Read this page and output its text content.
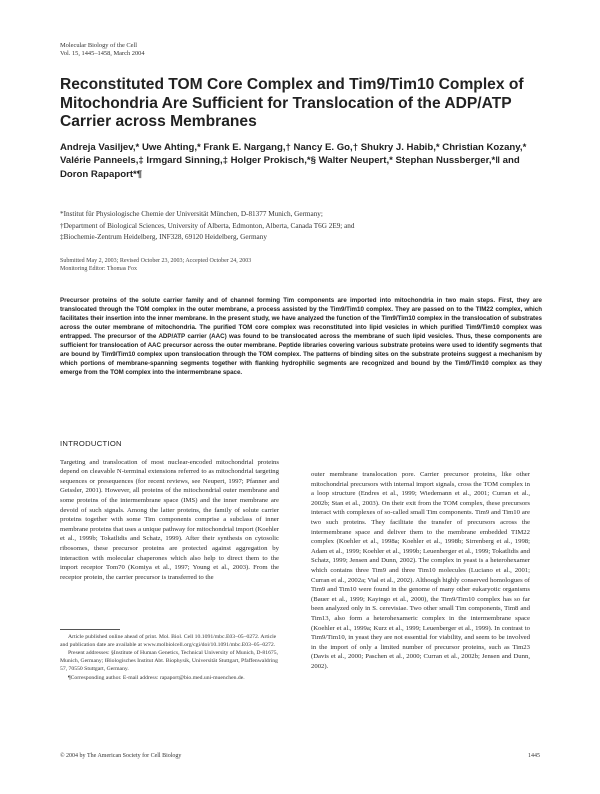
Molecular Biology of the Cell
Vol. 15, 1445–1458, March 2004
Reconstituted TOM Core Complex and Tim9/Tim10 Complex of Mitochondria Are Sufficient for Translocation of the ADP/ATP Carrier across Membranes
Andreja Vasiljev,* Uwe Ahting,* Frank E. Nargang,† Nancy E. Go,† Shukry J. Habib,* Christian Kozany,* Valérie Panneels,‡ Irmgard Sinning,‡ Holger Prokisch,*§ Walter Neupert,* Stephan Nussberger,*‖ and Doron Rapaport*¶
*Institut für Physiologische Chemie der Universität München, D-81377 Munich, Germany;
†Department of Biological Sciences, University of Alberta, Edmonton, Alberta, Canada T6G 2E9; and
‡Biochemie-Zentrum Heidelberg, INF328, 69120 Heidelberg, Germany
Submitted May 2, 2003; Revised October 23, 2003; Accepted October 24, 2003
Monitoring Editor: Thomas Fox

Precursor proteins of the solute carrier family and of channel forming Tim components are imported into mitochondria in two main steps. First, they are translocated through the TOM complex in the outer membrane, a process assisted by the Tim9/Tim10 complex. They are passed on to the TIM22 complex, which facilitates their insertion into the inner membrane. In the present study, we have analyzed the function of the Tim9/Tim10 complex in the translocation of substrates across the outer membrane of mitochondria. The purified TOM core complex was reconstituted into lipid vesicles in which purified Tim9/Tim10 complex was entrapped. The precursor of the ADP/ATP carrier (AAC) was found to be translocated across the membrane of such lipid vesicles. Thus, these components are sufficient for translocation of AAC precursor across the outer membrane. Peptide libraries covering various substrate proteins were used to identify segments that are bound by Tim9/Tim10 complex upon translocation through the TOM complex. The patterns of binding sites on the substrate proteins suggest a mechanism by which portions of membrane-spanning segments together with flanking hydrophilic segments are recognized and bound by the Tim9/Tim10 complex as they emerge from the TOM complex into the intermembrane space.

INTRODUCTION

Targeting and translocation of most nuclear-encoded mitochondrial proteins depend on cleavable N-terminal extensions referred to as mitochondrial targeting sequences or presequences (for recent reviews, see Neupert, 1997; Pfanner and Geissler, 2001). However, all proteins of the mitochondrial outer membrane and some proteins of the intermembrane space (IMS) and the inner membrane are devoid of such signals. Among the latter proteins, the family of solute carrier proteins together with some Tim components comprise a subclass of inner membrane proteins that uses a unique pathway for mitochondrial import (Koehler et al., 1999b; Tokatlidis and Schatz, 1999). After their synthesis on cytosolic ribosomes, these precursor proteins are protected against aggregation by interaction with molecular chaperones which also help to direct them to the import receptor Tom70 (Komiya et al., 1997; Young et al., 2003). From the receptor protein, the carrier precursor is transferred to the

outer membrane translocation pore. Carrier precursor proteins, like other mitochondrial precursors with internal import signals, cross the TOM complex in a loop structure (Endres et al., 1999; Wiedemann et al., 2001; Curran et al., 2002b; Stan et al., 2003). On their exit from the TOM complex, these precursors interact with complexes of so-called small Tim components. Tim9 and Tim10 are two such proteins. They facilitate the transfer of precursors across the intermembrane space and deliver them to the membrane embedded TIM22 complex (Koehler et al., 1998a; Koehler et al., 1998b; Sirrenberg et al., 1998; Adam et al., 1999; Koehler et al., 1999b; Leuenberger et al., 1999; Tokatlidis and Schatz, 1999; Jensen and Dunn, 2002). The complex in yeast is a heterohexamer which contains three Tim9 and three Tim10 molecules (Luciano et al., 2001; Curran et al., 2002a; Vial et al., 2002). Although highly conserved homologues of Tim9 and Tim10 were found in the genome of many other eukaryotic organisms (Bauer et al., 1999; Kayingo et al., 2000), the Tim9/Tim10 complex has so far been analyzed only in S. cerevisiae. Two other small Tim components, Tim8 and Tim13, also form a heterohexameric complex in the intermembrane space (Koehler et al., 1999a; Kurz et al., 1999; Leuenberger et al., 1999). In contrast to Tim9/Tim10, in yeast they are not essential for viability, and seem to be involved in the import of only a limited number of precursor proteins, such as Tim23 (Davis et al., 2000; Paschen et al., 2000; Curran et al., 2002b; Jensen and Dunn, 2002).

Article published online ahead of print. Mol. Biol. Cell 10.1091/mbc.E03–05–0272. Article and publication date are available at www.molbiolcell.org/cgi/doi/10.1091/mbc.E03–05–0272.

Present addresses: §Institute of Human Genetics, Technical University of Munich, D-81675, Munich, Germany; ‖Biologisches Institut Abt. Biophysik, Universität Stuttgart, Pfaffenwaldring 57, 70550 Stuttgart, Germany.

¶Corresponding author. E-mail address: rapaport@bio.med.uni-muenchen.de.

© 2004 by The American Society for Cell Biology	1445
